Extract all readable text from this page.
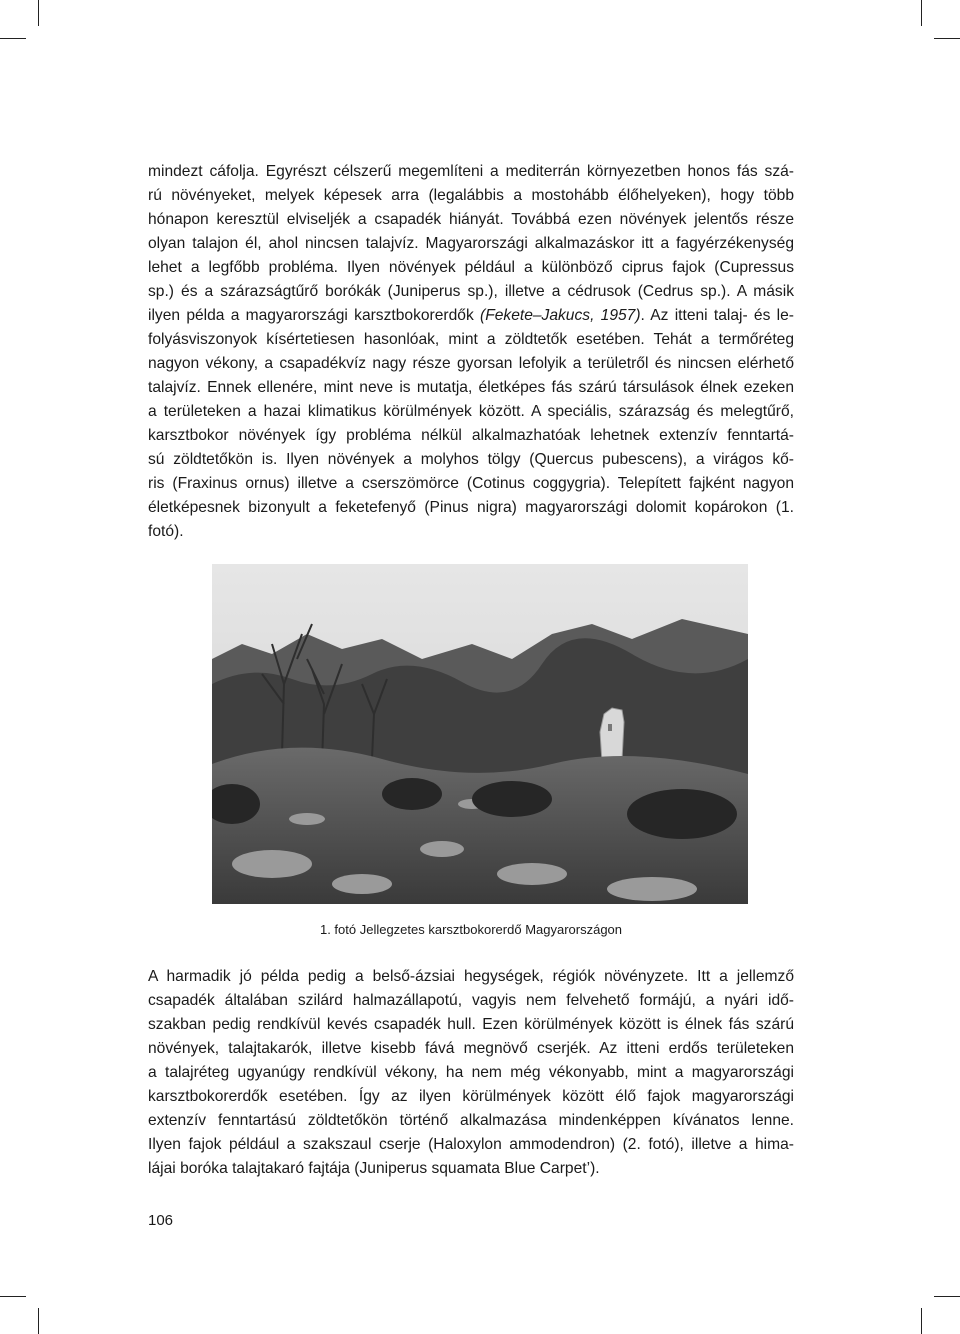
mindezt cáfolja. Egyrészt célszerű megemlíteni a mediterrán környezetben honos fás szá-

rú növényeket, melyek képesek arra (legalábbis a mostohább élőhelyeken), hogy több

hónapon keresztül elviseljék a csapadék hiányát. Továbbá ezen növények jelentős része

olyan talajon él, ahol nincsen talajvíz. Magyarországi alkalmazáskor itt a fagyérzékenység

lehet a legfőbb probléma. Ilyen növények például a különböző ciprus fajok (Cupressus

sp.) és a szárazságtűrő borókák (Juniperus sp.), illetve a cédrusok (Cedrus sp.). A másik

ilyen példa a magyarországi karsztbokorerdők (Fekete–Jakucs, 1957). Az itteni talaj- és le-

folyásviszonyok kísértetiesen hasonlóak, mint a zöldtetők esetében. Tehát a termőréteg

nagyon vékony, a csapadékvíz nagy része gyorsan lefolyik a területről és nincsen elérhető

talajvíz. Ennek ellenére, mint neve is mutatja, életképes fás szárú társulások élnek ezeken

a területeken a hazai klimatikus körülmények között. A speciális, szárazság és melegtűrő,

karsztbokor növények így probléma nélkül alkalmazhatóak lehetnek extenzív fenntartá-

sú zöldtetőkön is. Ilyen növények a molyhos tölgy (Quercus pubescens), a virágos kő-

ris (Fraxinus ornus) illetve a cserszömörce (Cotinus coggygria). Telepített fajként nagyon

életképesnek bizonyult a feketefenyő (Pinus nigra) magyarországi dolomit kopárokon (1.

fotó).

1. fotó Jellegzetes karsztbokorerdő Magyarországon

A harmadik jó példa pedig a belső-ázsiai hegységek, régiók növényzete. Itt a jellemző

csapadék általában szilárd halmazállapotú, vagyis nem felvehető formájú, a nyári idő-

szakban pedig rendkívül kevés csapadék hull. Ezen körülmények között is élnek fás szárú

növények, talajtakarók, illetve kisebb fává megnövő cserjék. Az itteni erdős területeken

a talajréteg ugyanúgy rendkívül vékony, ha nem még vékonyabb, mint a magyarországi

karsztbokorerdők esetében. Így az ilyen körülmények között élő fajok magyarországi

extenzív fenntartású zöldtetőkön történő alkalmazása mindenképpen kívánatos lenne.

Ilyen fajok például a szakszaul cserje (Haloxylon ammodendron) (2. fotó), illetve a hima-

lájai boróka talajtakaró fajtája (Juniperus squamata Blue Carpet’).

106
